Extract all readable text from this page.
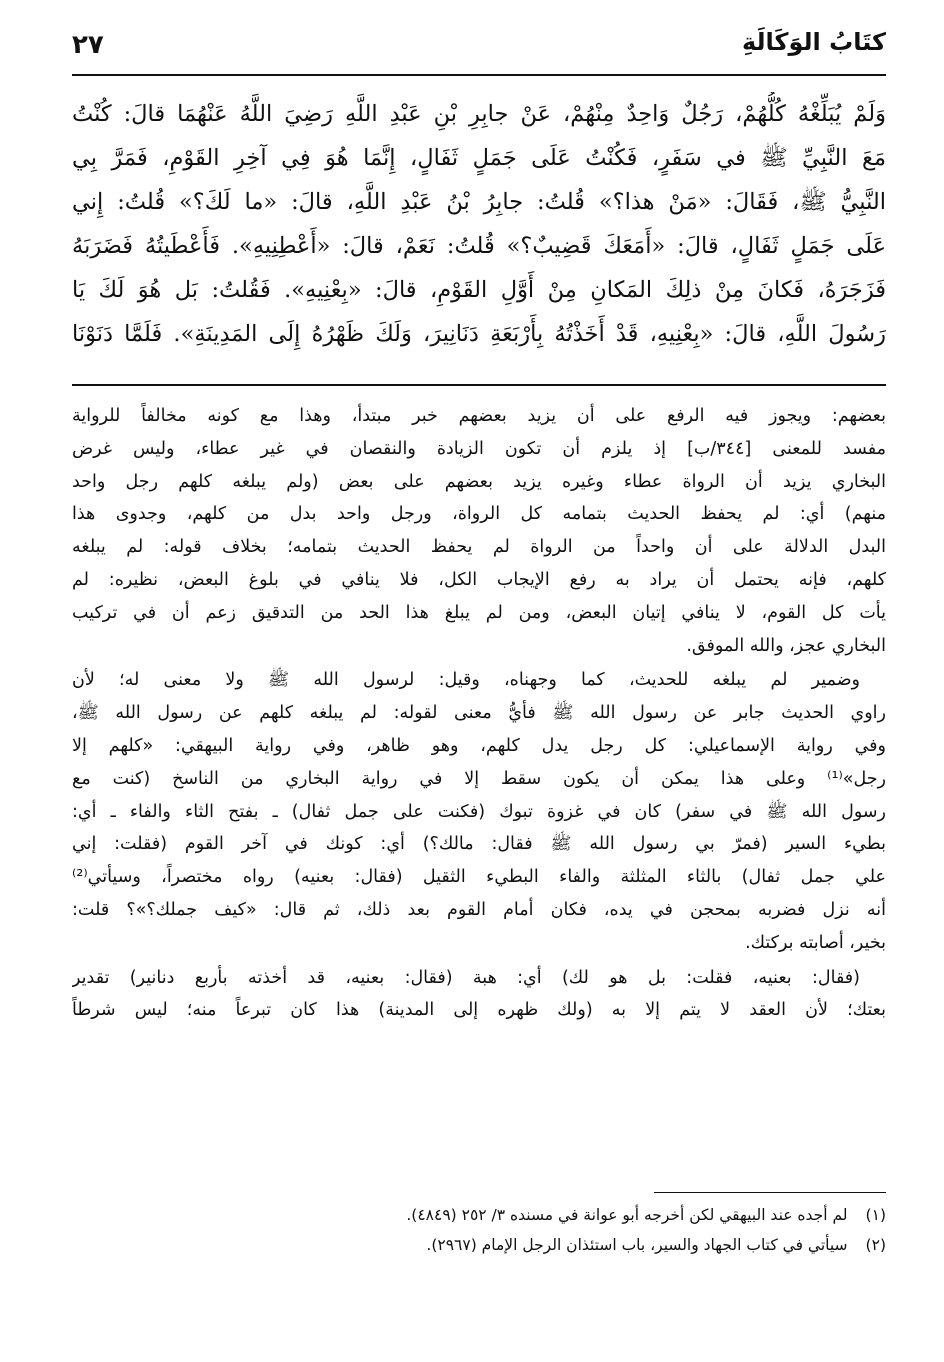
٢٧	كتَابُ الوَكَالَةِ
وَلَمْ يُبَلِّغْهُ كُلُّهُمْ، رَجُلٌ وَاحِدٌ مِنْهُمْ، عَنْ جابِرِ بْنِ عَبْدِ اللَّهِ رَضِيَ اللَّهُ عَنْهُمَا قالَ: كُنْتُ
مَعَ النَّبِيِّ ﷺ في سَفَرٍ، فَكُنْتُ عَلَى جَمَلٍ ثَفَالٍ، إِنَّمَا هُوَ فِي آخِرِ القَوْمِ، فَمَرَّ بِي
النَّبِيُّ ﷺ، فَقَالَ: «مَنْ هذا؟» قُلتُ: جابِرُ بْنُ عَبْدِ اللَّهِ، قالَ: «ما لَكَ؟» قُلتُ: إِني
عَلَى جَمَلٍ ثَفَالٍ، قالَ: «أَمَعَكَ قَضِيبٌ؟» قُلتُ: نَعَمْ، قالَ: «أَعْطِنِيهِ». فَأَعْطَيتُهُ فَضَرَبَهُ
فَزَجَرَهُ، فَكانَ مِنْ ذلِكَ المَكانِ مِنْ أَوَّلِ القَوْمِ، قالَ: «بِعْنِيهِ». فَقُلتُ: بَل هُوَ لَكَ يَا
رَسُولَ اللَّهِ، قالَ: «بِعْنِيهِ، قَدْ أَخَذْتُهُ بِأَرْبَعَةِ دَنَانِيرَ، وَلَكَ ظَهْرُهُ إِلَى المَدِينَةِ». فَلَمَّا دَنَوْنَا
بعضهم: ويجوز فيه الرفع على أن يزيد بعضهم خبر مبتدأ، وهذا مع كونه مخالفاً للرواية
مفسد للمعنى [٣٤٤/ب] إذ يلزم أن تكون الزيادة والنقصان في غير عطاء، وليس غرض
البخاري يزيد أن الرواة عطاء وغيره يزيد بعضهم على بعض (ولم يبلغه كلهم رجل واحد
منهم) أي: لم يحفظ الحديث بتمامه كل الرواة، ورجل واحد بدل من كلهم، وجدوى هذا
البدل الدلالة على أن واحداً من الرواة لم يحفظ الحديث بتمامه؛ بخلاف قوله: لم يبلغه
كلهم، فإنه يحتمل أن يراد به رفع الإيجاب الكل، فلا ينافي في بلوغ البعض، نظيره: لم
يأت كل القوم، لا ينافي إتيان البعض، ومن لم يبلغ هذا الحد من التدقيق زعم أن في تركيب
البخاري عجز، والله الموفق.
وضمير لم يبلغه للحديث، كما وجهناه، وقيل: لرسول الله ﷺ ولا معنى له؛ لأن
راوي الحديث جابر عن رسول الله ﷺ فأيُّ معنى لقوله: لم يبلغه كلهم عن رسول الله ﷺ،
وفي رواية الإسماعيلي: كل رجل يدل كلهم، وهو ظاهر، وفي رواية البيهقي: «كلهم إلا
رجل»⁽¹⁾ وعلى هذا يمكن أن يكون سقط إلا في رواية البخاري من الناسخ (كنت مع
رسول الله ﷺ في سفر) كان في غزوة تبوك (فكنت على جمل ثفال) ـ بفتح الثاء والفاء ـ أي:
بطيء السير (فمرّ بي رسول الله ﷺ فقال: مالك؟) أي: كونك في آخر القوم (فقلت: إني
علي جمل ثفال) بالثاء المثلثة والفاء البطيء الثقيل (فقال: بعنيه) رواه مختصراً، وسيأتي⁽²⁾
أنه نزل فضربه بمحجن في يده، فكان أمام القوم بعد ذلك، ثم قال: «كيف جملك؟»؟ قلت:
بخير، أصابته بركتك.
(فقال: بعنيه، فقلت: بل هو لك) أي: هبة (فقال: بعنيه، قد أخذته بأربع دنانير) تقدير
بعتك؛ لأن العقد لا يتم إلا به (ولك ظهره إلى المدينة) هذا كان تبرعاً منه؛ ليس شرطاً
(١)لم أجده عند البيهقي لكن أخرجه أبو عوانة في مسنده ٣/ ٢٥٢ (٤٨٤٩).
(٢)سيأتي في كتاب الجهاد والسير، باب استئذان الرجل الإمام (٢٩٦٧).
